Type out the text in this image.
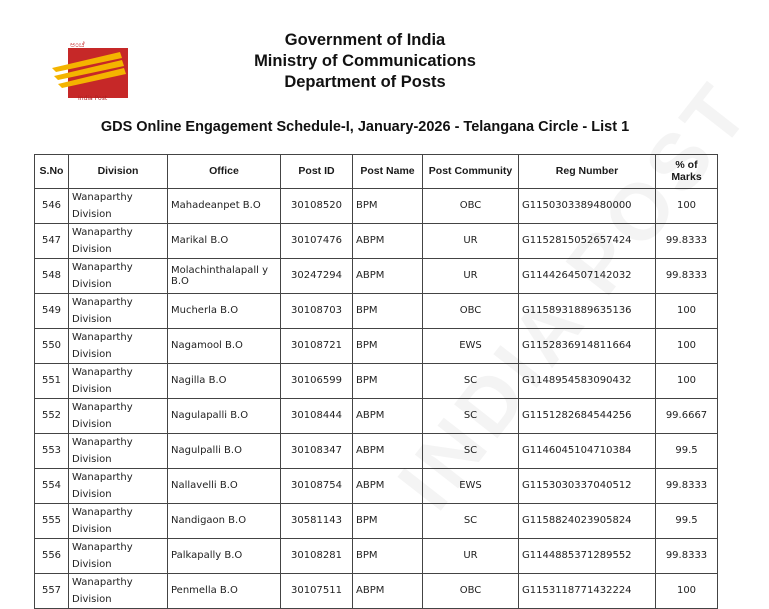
ಅಂಚೆ
India Post
Government of India
Ministry of Communications
Department of Posts
GDS Online Engagement Schedule-I, January-2026 - Telangana Circle - List 1
S.No	Division	Office	Post ID	Post Name	Post Community	Reg Number	% of Marks
546	Wanaparthy Division	Mahadeanpet B.O	30108520	BPM	OBC	G1150303389480000	100
547	Wanaparthy Division	Marikal B.O	30107476	ABPM	UR	G1152815052657424	99.8333
548	Wanaparthy Division	Molachinthalapall y B.O	30247294	ABPM	UR	G1144264507142032	99.8333
549	Wanaparthy Division	Mucherla B.O	30108703	BPM	OBC	G1158931889635136	100
550	Wanaparthy Division	Nagamool B.O	30108721	BPM	EWS	G1152836914811664	100
551	Wanaparthy Division	Nagilla B.O	30106599	BPM	SC	G1148954583090432	100
552	Wanaparthy Division	Nagulapalli B.O	30108444	ABPM	SC	G1151282684544256	99.6667
553	Wanaparthy Division	Nagulpalli B.O	30108347	ABPM	SC	G1146045104710384	99.5
554	Wanaparthy Division	Nallavelli B.O	30108754	ABPM	EWS	G1153030337040512	99.8333
555	Wanaparthy Division	Nandigaon B.O	30581143	BPM	SC	G1158824023905824	99.5
556	Wanaparthy Division	Palkapally B.O	30108281	BPM	UR	G1144885371289552	99.8333
557	Wanaparthy Division	Penmella B.O	30107511	ABPM	OBC	G1153118771432224	100
